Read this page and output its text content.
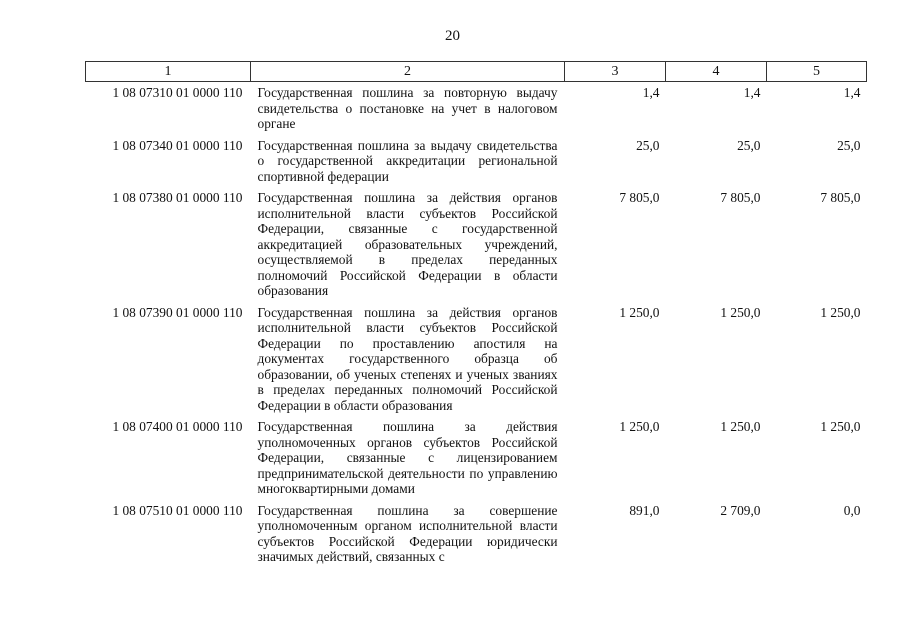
20
1	2	3	4	5
1 08 07310 01 0000 110	Государственная пошлина за повторную выдачу свидетельства о постановке на учет в налоговом органе	1,4	1,4	1,4
1 08 07340 01 0000 110	Государственная пошлина за выдачу свидетельства о государственной аккредитации региональной спортивной федерации	25,0	25,0	25,0
1 08 07380 01 0000 110	Государственная пошлина за действия органов исполнительной власти субъектов Российской Федерации, связанные с государственной аккредитацией образовательных учреждений, осуществляемой в пределах переданных полномочий Российской Федерации в области образования	7 805,0	7 805,0	7 805,0
1 08 07390 01 0000 110	Государственная пошлина за действия органов исполнительной власти субъектов Российской Федерации по проставлению апостиля на документах государственного образца об образовании, об ученых степенях и ученых званиях в пределах переданных полномочий Российской Федерации в области образования	1 250,0	1 250,0	1 250,0
1 08 07400 01 0000 110	Государственная пошлина за действия уполномоченных органов субъектов Российской Федерации, связанные с лицензированием предпринимательской деятельности по управлению многоквартирными домами	1 250,0	1 250,0	1 250,0
1 08 07510 01 0000 110	Государственная пошлина за совершение уполномоченным органом исполнительной власти субъектов Российской Федерации юридически значимых действий, связанных с	891,0	2 709,0	0,0
